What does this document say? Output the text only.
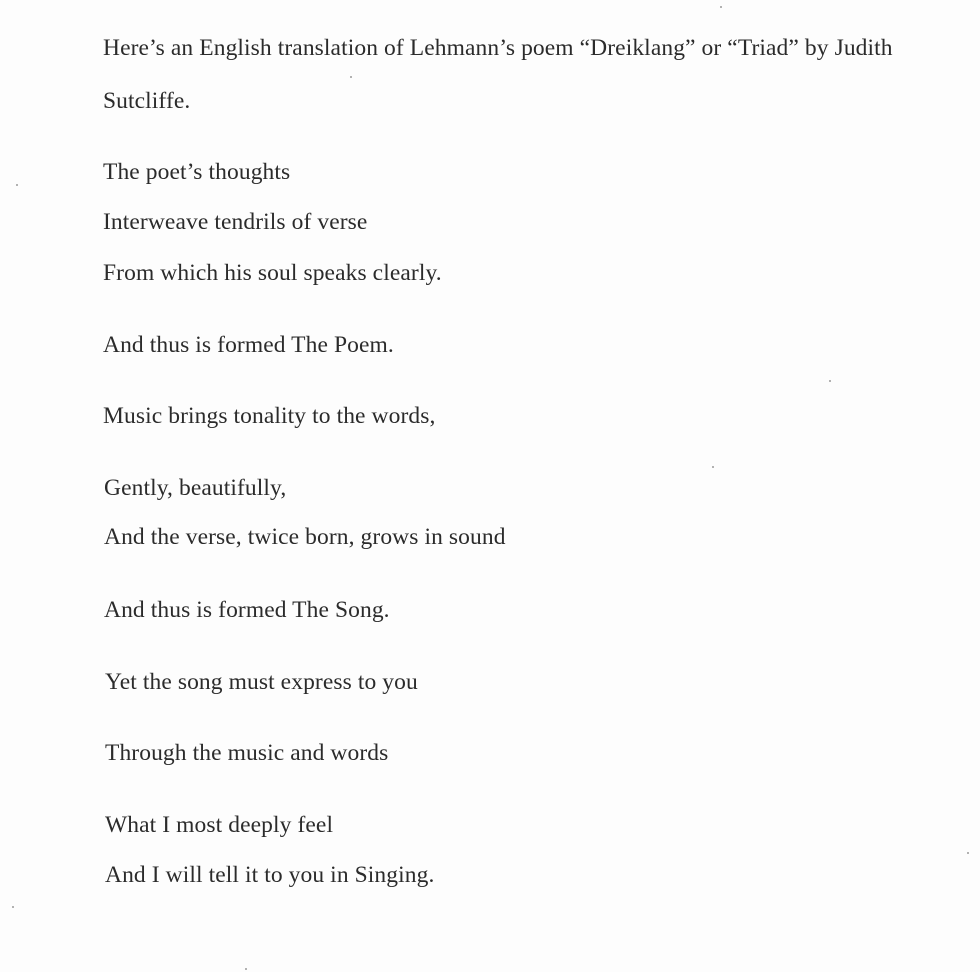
Here’s an English translation of Lehmann’s poem “Dreiklang” or “Triad” by Judith
Sutcliffe.
The poet’s thoughts
Interweave tendrils of verse
From which his soul speaks clearly.
And thus is formed The Poem.
Music brings tonality to the words,
Gently, beautifully,
And the verse, twice born, grows in sound
And thus is formed The Song.
Yet the song must express to you
Through the music and words
What I most deeply feel
And I will tell it to you in Singing.
